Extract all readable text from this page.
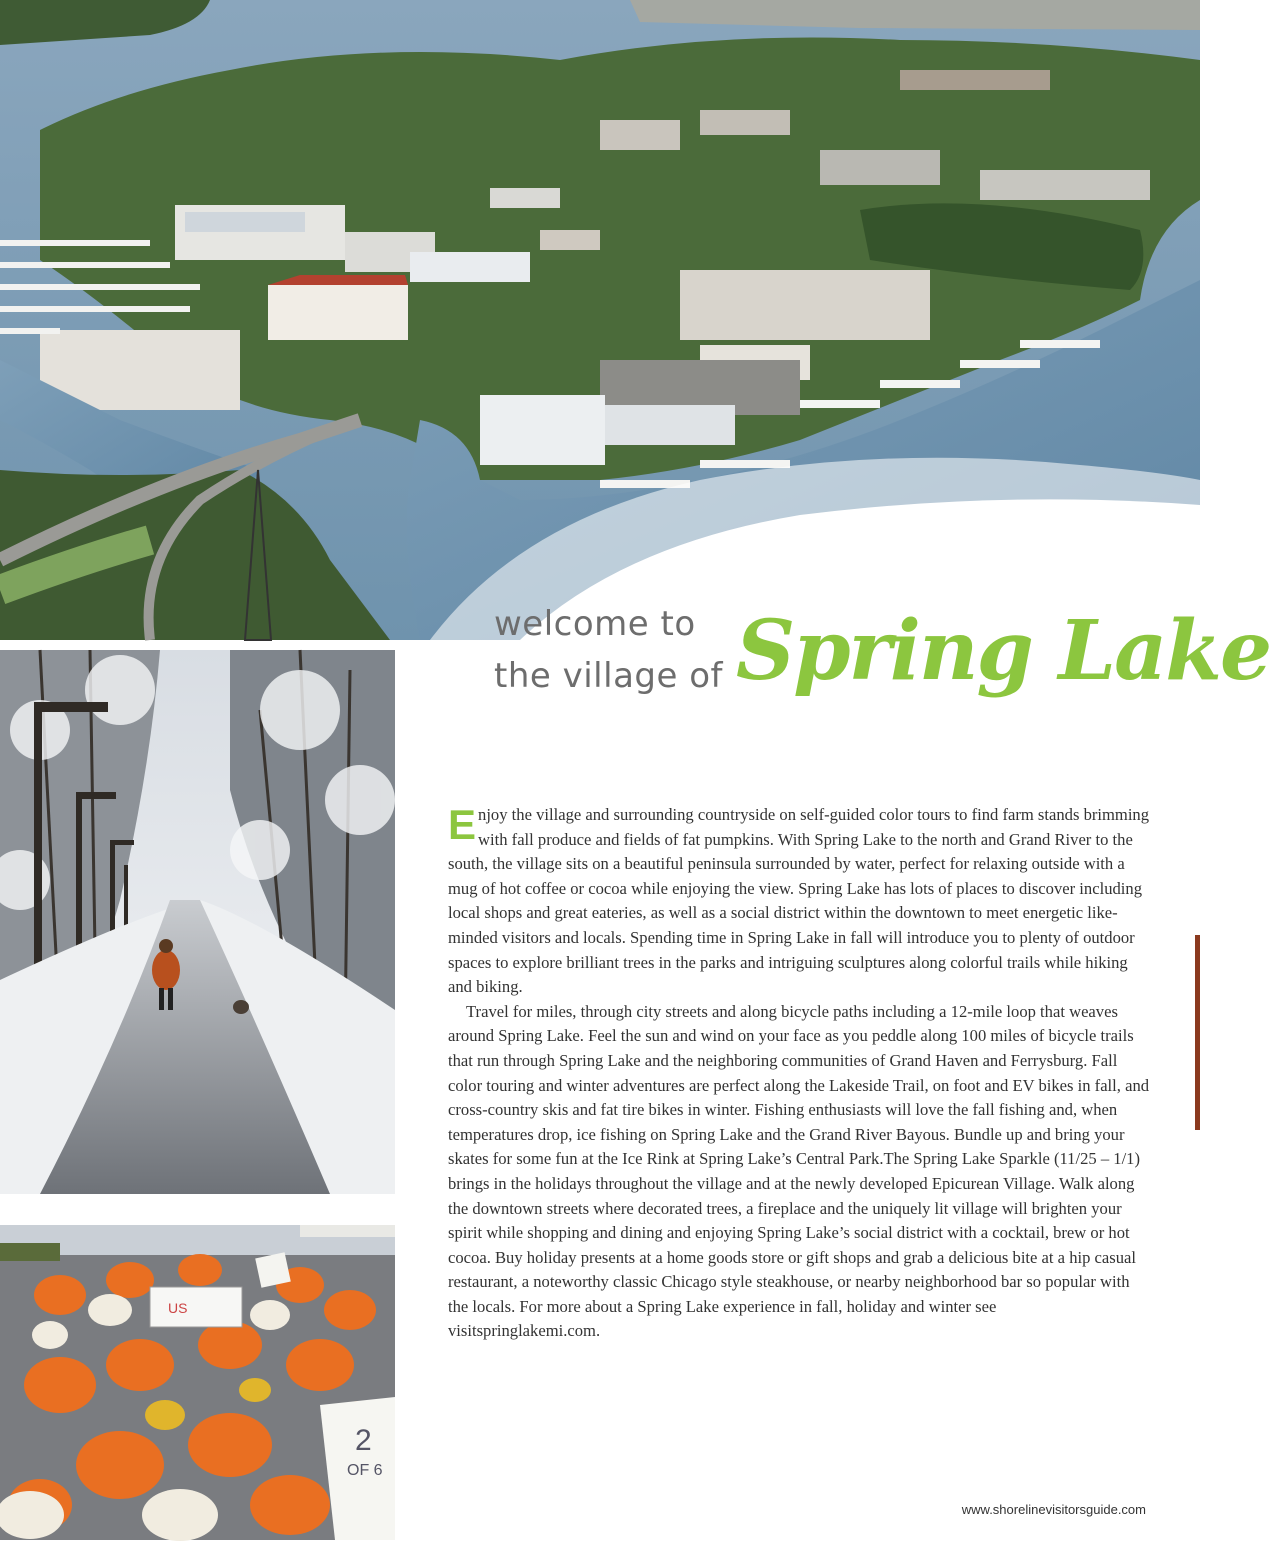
welcome to
the village of Spring Lake
US
2
OF 6

Enjoy the village and surrounding countryside on self-guided color tours to find farm stands brimming with fall produce and fields of fat pumpkins. With Spring Lake to the north and Grand River to the south, the village sits on a beautiful peninsula surrounded by water, perfect for relaxing outside with a mug of hot coffee or cocoa while enjoying the view. Spring Lake has lots of places to discover including local shops and great eateries, as well as a social district within the downtown to meet energetic like-minded visitors and locals. Spending time in Spring Lake in fall will introduce you to plenty of outdoor spaces to explore brilliant trees in the parks and intriguing sculptures along colorful trails while hiking and biking.

Travel for miles, through city streets and along bicycle paths including a 12-mile loop that weaves around Spring Lake. Feel the sun and wind on your face as you peddle along 100 miles of bicycle trails that run through Spring Lake and the neighboring communities of Grand Haven and Ferrysburg. Fall color touring and winter adventures are perfect along the Lakeside Trail, on foot and EV bikes in fall, and cross-country skis and fat tire bikes in winter. Fishing enthusiasts will love the fall fishing and, when temperatures drop, ice fishing on Spring Lake and the Grand River Bayous. Bundle up and bring your skates for some fun at the Ice Rink at Spring Lake’s Central Park.The Spring Lake Sparkle (11/25 – 1/1) brings in the holidays throughout the village and at the newly developed Epicurean Village. Walk along the downtown streets where decorated trees, a fireplace and the uniquely lit village will brighten your spirit while shopping and dining and enjoying Spring Lake’s social district with a cocktail, brew or hot cocoa. Buy holiday presents at a home goods store or gift shops and grab a delicious bite at a hip casual restaurant, a noteworthy classic Chicago style steakhouse, or nearby neighborhood bar so popular with the locals. For more about a Spring Lake experience in fall, holiday and winter see visitspringlakemi.com.

www.shorelinevisitorsguide.com
